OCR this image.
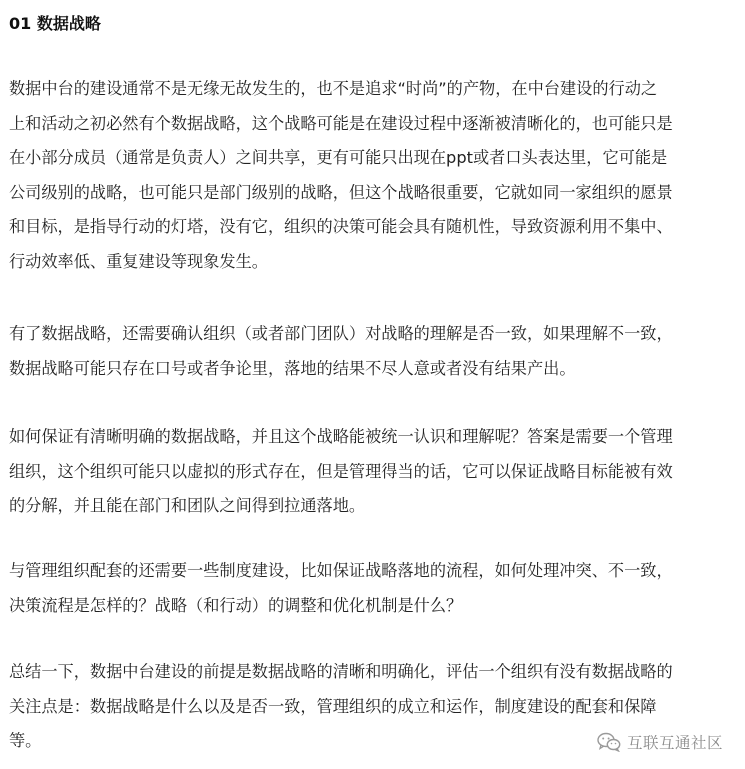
01 数据战略

数据中台的建设通常不是无缘无故发生的，也不是追求“时尚”的产物，在中台建设的行动之
上和活动之初必然有个数据战略，这个战略可能是在建设过程中逐渐被清晰化的，也可能只是
在小部分成员（通常是负责人）之间共享，更有可能只出现在ppt或者口头表达里，它可能是
公司级别的战略，也可能只是部门级别的战略，但这个战略很重要，它就如同一家组织的愿景
和目标，是指导行动的灯塔，没有它，组织的决策可能会具有随机性，导致资源利用不集中、
行动效率低、重复建设等现象发生。

有了数据战略，还需要确认组织（或者部门团队）对战略的理解是否一致，如果理解不一致，
数据战略可能只存在口号或者争论里，落地的结果不尽人意或者没有结果产出。

如何保证有清晰明确的数据战略，并且这个战略能被统一认识和理解呢？答案是需要一个管理
组织，这个组织可能只以虚拟的形式存在，但是管理得当的话，它可以保证战略目标能被有效
的分解，并且能在部门和团队之间得到拉通落地。

与管理组织配套的还需要一些制度建设，比如保证战略落地的流程，如何处理冲突、不一致，
决策流程是怎样的？战略（和行动）的调整和优化机制是什么？

总结一下，数据中台建设的前提是数据战略的清晰和明确化，评估一个组织有没有数据战略的
关注点是：数据战略是什么以及是否一致，管理组织的成立和运作，制度建设的配套和保障
等。	互联互通社区
